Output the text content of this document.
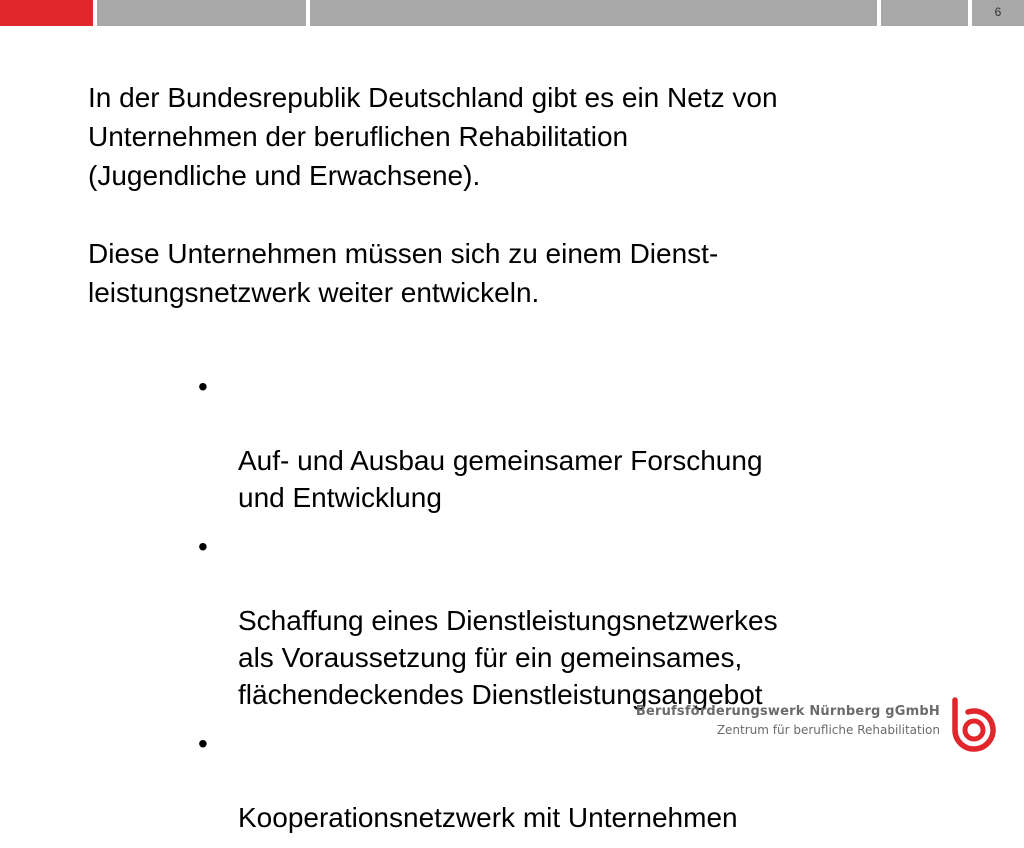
6

In der Bundesrepublik Deutschland gibt es ein Netz von
Unternehmen der beruflichen Rehabilitation
(Jugendliche und Erwachsene).

Diese Unternehmen müssen sich zu einem Dienst-
leistungsnetzwerk weiter entwickeln.

•

Auf- und Ausbau gemeinsamer Forschung
und Entwicklung

•

Schaffung eines Dienstleistungsnetzwerkes
als Voraussetzung für ein gemeinsames,
flächendeckendes Dienstleistungsangebot

•

Kooperationsnetzwerk mit Unternehmen

Berufsförderungswerk Nürnberg gGmbH
Zentrum für berufliche Rehabilitation
